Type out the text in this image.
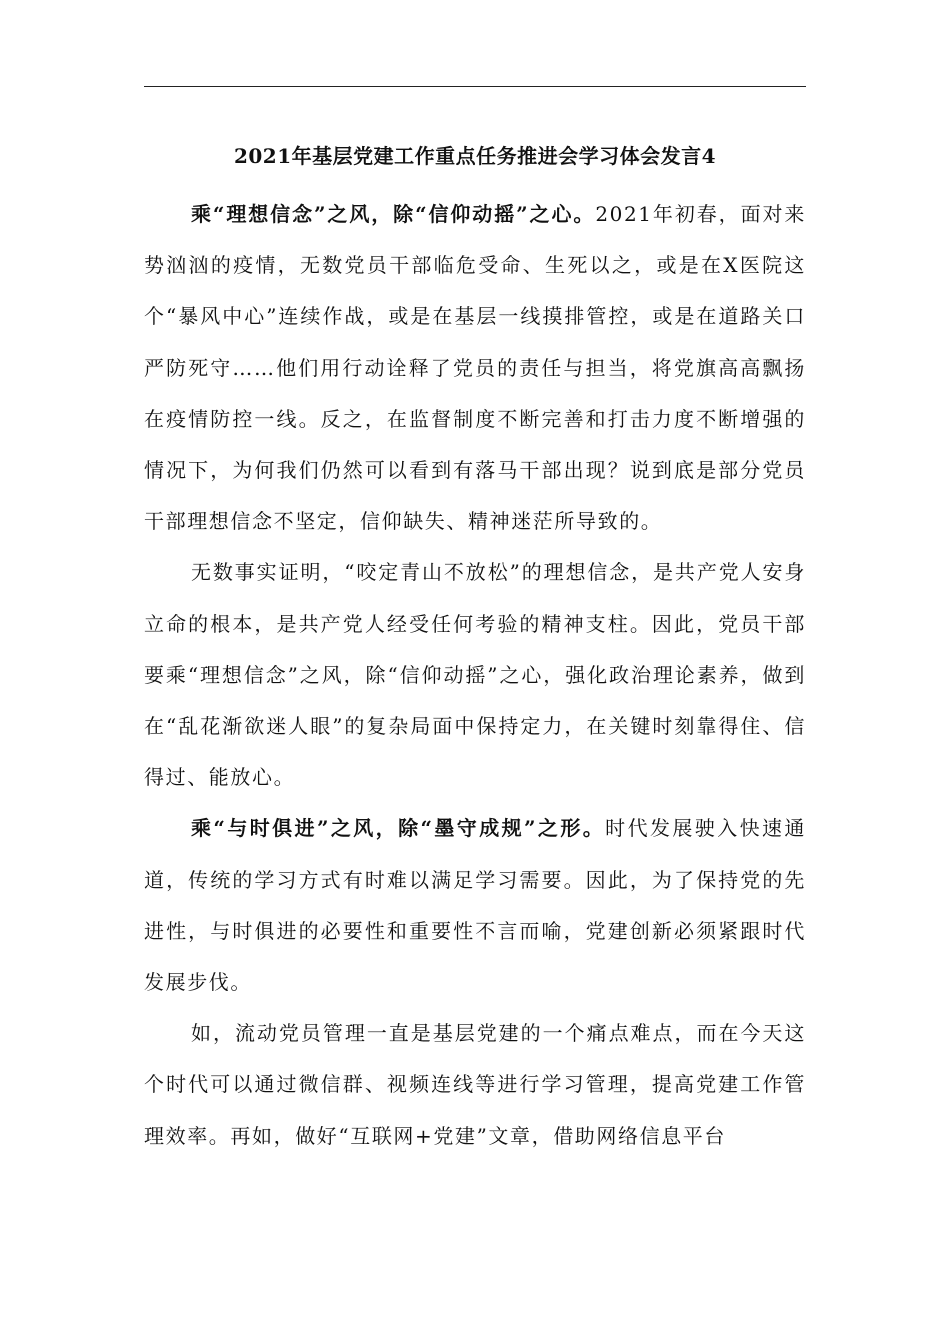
2021年基层党建工作重点任务推进会学习体会发言4

乘“理想信念”之风，除“信仰动摇”之心。2021年初春，面对来势汹汹的疫情，无数党员干部临危受命、生死以之，或是在X医院这个“暴风中心”连续作战，或是在基层一线摸排管控，或是在道路关口严防死守……他们用行动诠释了党员的责任与担当，将党旗高高飘扬在疫情防控一线。反之，在监督制度不断完善和打击力度不断增强的情况下，为何我们仍然可以看到有落马干部出现？说到底是部分党员干部理想信念不坚定，信仰缺失、精神迷茫所导致的。

无数事实证明，“咬定青山不放松”的理想信念，是共产党人安身立命的根本，是共产党人经受任何考验的精神支柱。因此，党员干部要乘“理想信念”之风，除“信仰动摇”之心，强化政治理论素养，做到在“乱花渐欲迷人眼”的复杂局面中保持定力，在关键时刻靠得住、信得过、能放心。

乘“与时俱进”之风，除“墨守成规”之形。时代发展驶入快速通道，传统的学习方式有时难以满足学习需要。因此，为了保持党的先进性，与时俱进的必要性和重要性不言而喻，党建创新必须紧跟时代发展步伐。

如，流动党员管理一直是基层党建的一个痛点难点，而在今天这个时代可以通过微信群、视频连线等进行学习管理，提高党建工作管理效率。再如，做好“互联网+党建”文章，借助网络信息平台
